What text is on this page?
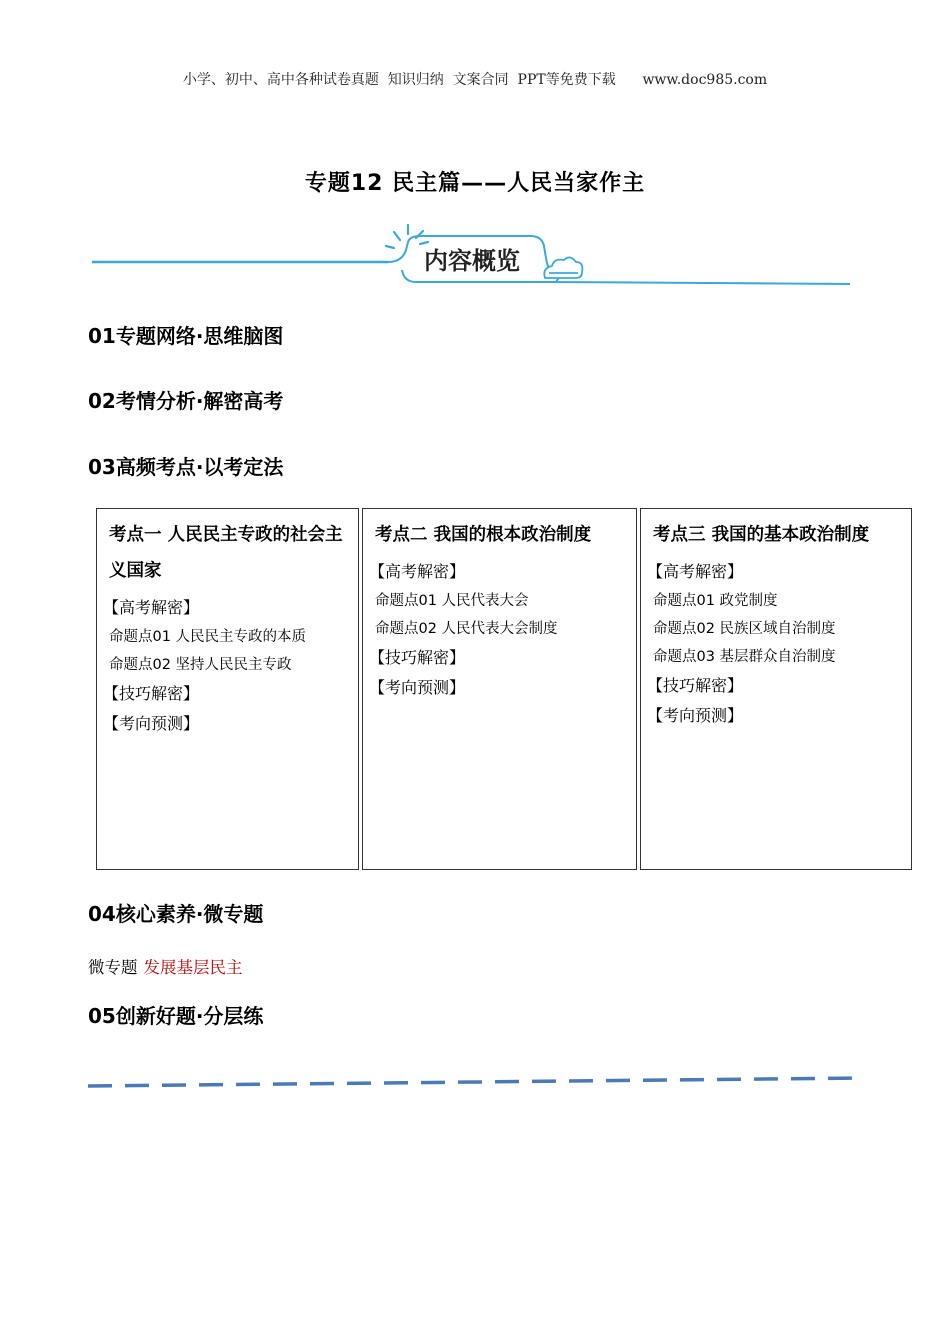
小学、初中、高中各种试卷真题  知识归纳  文案合同  PPT等免费下载      www.doc985.com
专题12 民主篇——人民当家作主
内容概览
01专题网络·思维脑图
02考情分析·解密高考
03高频考点·以考定法
考点一 人民民主专政的社会主义国家
【高考解密】
命题点01 人民民主专政的本质
命题点02 坚持人民民主专政
【技巧解密】
【考向预测】
考点二 我国的根本政治制度
【高考解密】
命题点01 人民代表大会
命题点02 人民代表大会制度
【技巧解密】
【考向预测】
考点三 我国的基本政治制度
【高考解密】
命题点01 政党制度
命题点02 民族区域自治制度
命题点03 基层群众自治制度
【技巧解密】
【考向预测】
04核心素养·微专题
微专题 发展基层民主
05创新好题·分层练
